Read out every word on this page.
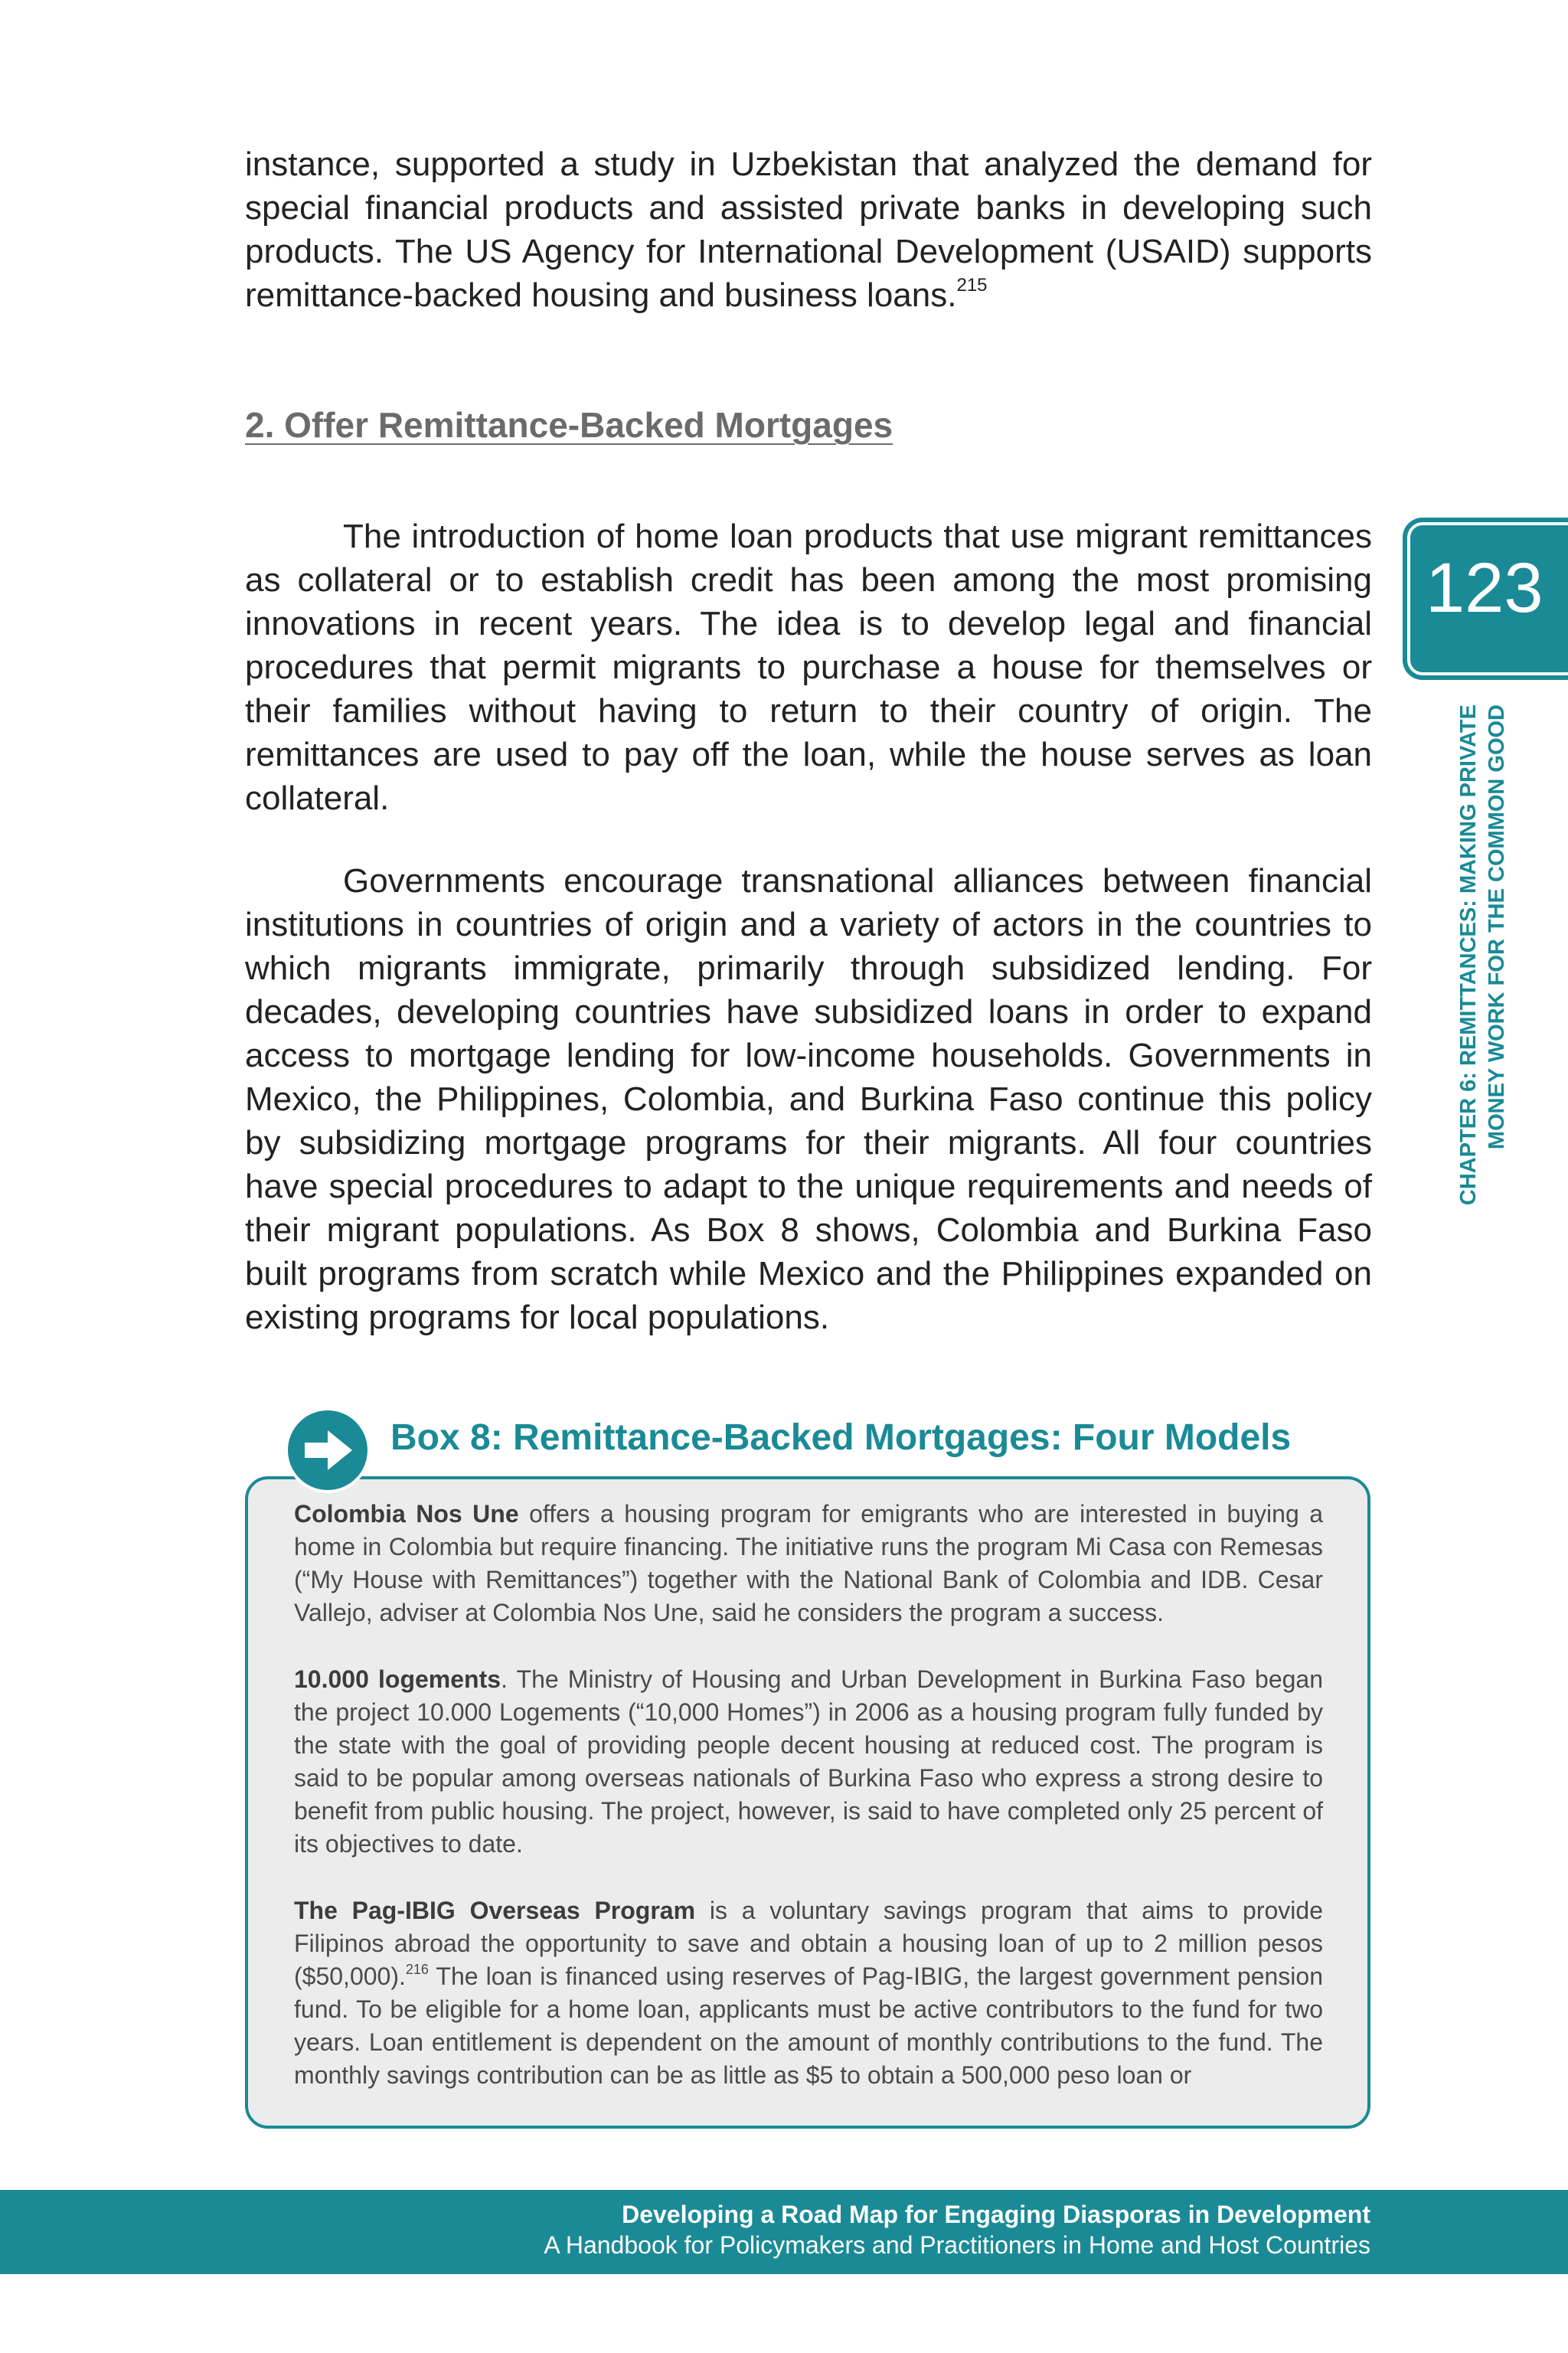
instance, supported a study in Uzbekistan that analyzed the demand for special financial products and assisted private banks in developing such products. The US Agency for International Development (USAID) supports remittance-backed housing and business loans.$^{215}$

2. Offer Remittance-Backed Mortgages

The introduction of home loan products that use migrant remittances as collateral or to establish credit has been among the most promising innovations in recent years. The idea is to develop legal and financial procedures that permit migrants to purchase a house for themselves or their families without having to return to their country of origin. The remittances are used to pay off the loan, while the house serves as loan collateral.

Governments encourage transnational alliances between financial institutions in countries of origin and a variety of actors in the countries to which migrants immigrate, primarily through subsidized lending. For decades, developing countries have subsidized loans in order to expand access to mortgage lending for low-income households. Governments in Mexico, the Philippines, Colombia, and Burkina Faso continue this policy by subsidizing mortgage programs for their migrants. All four countries have special procedures to adapt to the unique requirements and needs of their migrant populations. As Box 8 shows, Colombia and Burkina Faso built programs from scratch while Mexico and the Philippines expanded on existing programs for local populations.

123
CHAPTER 6: REMITTANCES: MAKING PRIVATE MONEY WORK FOR THE COMMON GOOD
Box 8: Remittance-Backed Mortgages: Four Models

Colombia Nos Une offers a housing program for emigrants who are interested in buying a home in Colombia but require financing. The initiative runs the program Mi Casa con Remesas (“My House with Remittances”) together with the National Bank of Colombia and IDB. Cesar Vallejo, adviser at Colombia Nos Une, said he considers the program a success.

10.000 logements. The Ministry of Housing and Urban Development in Burkina Faso began the project 10.000 Logements (“10,000 Homes”) in 2006 as a housing program fully funded by the state with the goal of providing people decent housing at reduced cost. The program is said to be popular among overseas nationals of Burkina Faso who express a strong desire to benefit from public housing. The project, however, is said to have completed only 25 percent of its objectives to date.

The Pag-IBIG Overseas Program is a voluntary savings program that aims to provide Filipinos abroad the opportunity to save and obtain a housing loan of up to 2 million pesos ($50,000).$^{216}$ The loan is financed using reserves of Pag-IBIG, the largest government pension fund. To be eligible for a home loan, applicants must be active contributors to the fund for two years. Loan entitlement is dependent on the amount of monthly contributions to the fund. The monthly savings contribution can be as little as $5 to obtain a 500,000 peso loan or

Developing a Road Map for Engaging Diasporas in Development

A Handbook for Policymakers and Practitioners in Home and Host Countries
